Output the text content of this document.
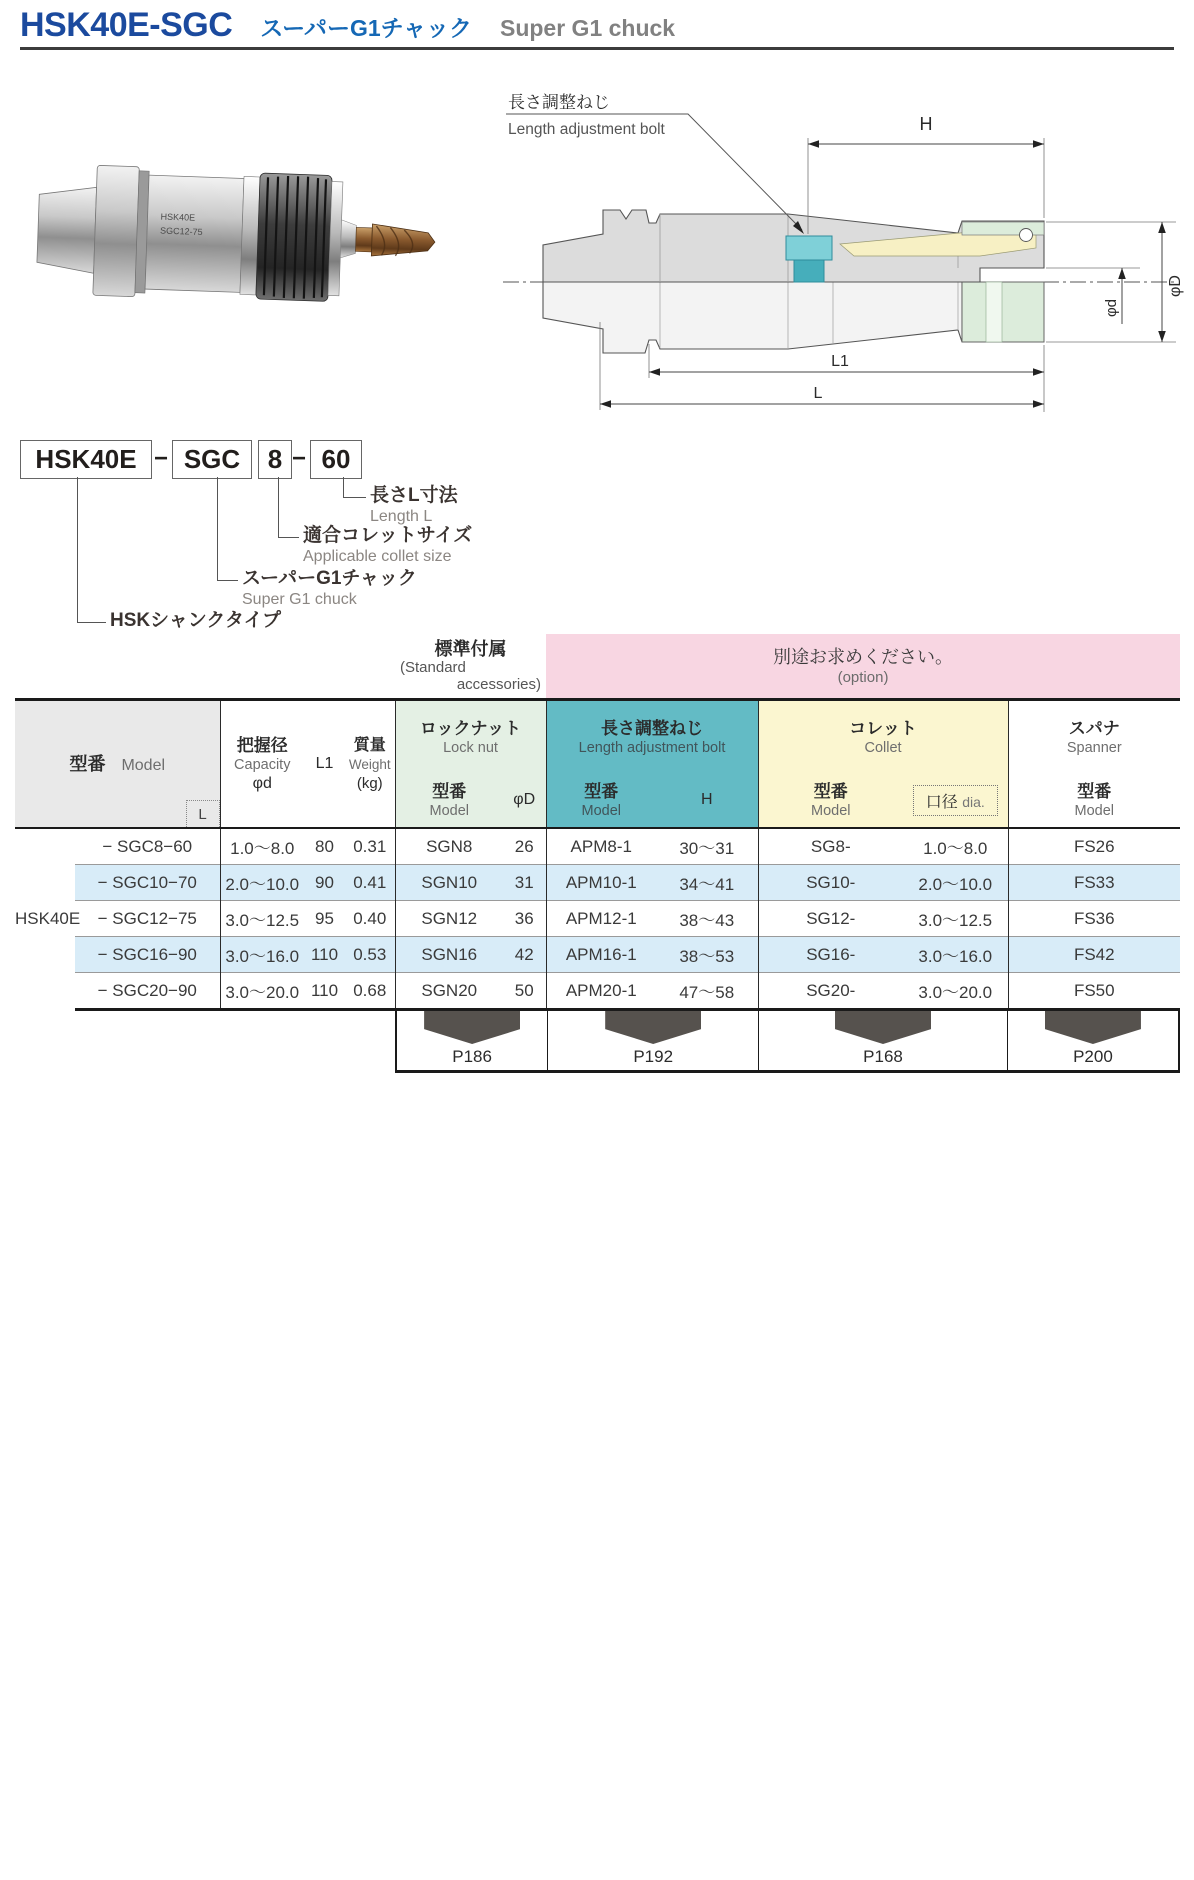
HSK40E-SGC スーパーG1チャック Super G1 chuck
HSK40E
SGC12-75
長さ調整ねじ
Length adjustment bolt	H
φD
φd
L1
L
HSK40E − SGC	8 − 60
長さL寸法
Length L
適合コレットサイズ
Applicable collet size
スーパーG1チャック
Super G1 chuck
HSKシャンクタイプ

標準付属
(Standard
accessories)

別途お求めください。
(option)

型番 Model
L

把握径
Capacity
φd

L1

質量
Weight
(kg)

ロックナット
Lock nut

長さ調整ねじ
Length adjustment bolt

コレット
Collet

スパナ
Spanner

型番
Model

φD	型番
Model

H	型番
Model	口径 dia.	
型番
Model

HSK40E	− SGC8−60	1.0～8.0	80	0.31	SGN8	26	APM8-1	30～31	SG8-	1.0～8.0	FS26
	− SGC10−70	2.0～10.0	90	0.41	SGN10	31	APM10-1	34～41	SG10-	2.0～10.0	FS33
	− SGC12−75	3.0～12.5	95	0.40	SGN12	36	APM12-1	38～43	SG12-	3.0～12.5	FS36
	− SGC16−90	3.0～16.0	110	0.53	SGN16	42	APM16-1	38～53	SG16-	3.0～16.0	FS42
	− SGC20−90	3.0～20.0	110	0.68	SGN20	50	APM20-1	47～58	SG20-	3.0～20.0	FS50
P186	P192	P168	P200
